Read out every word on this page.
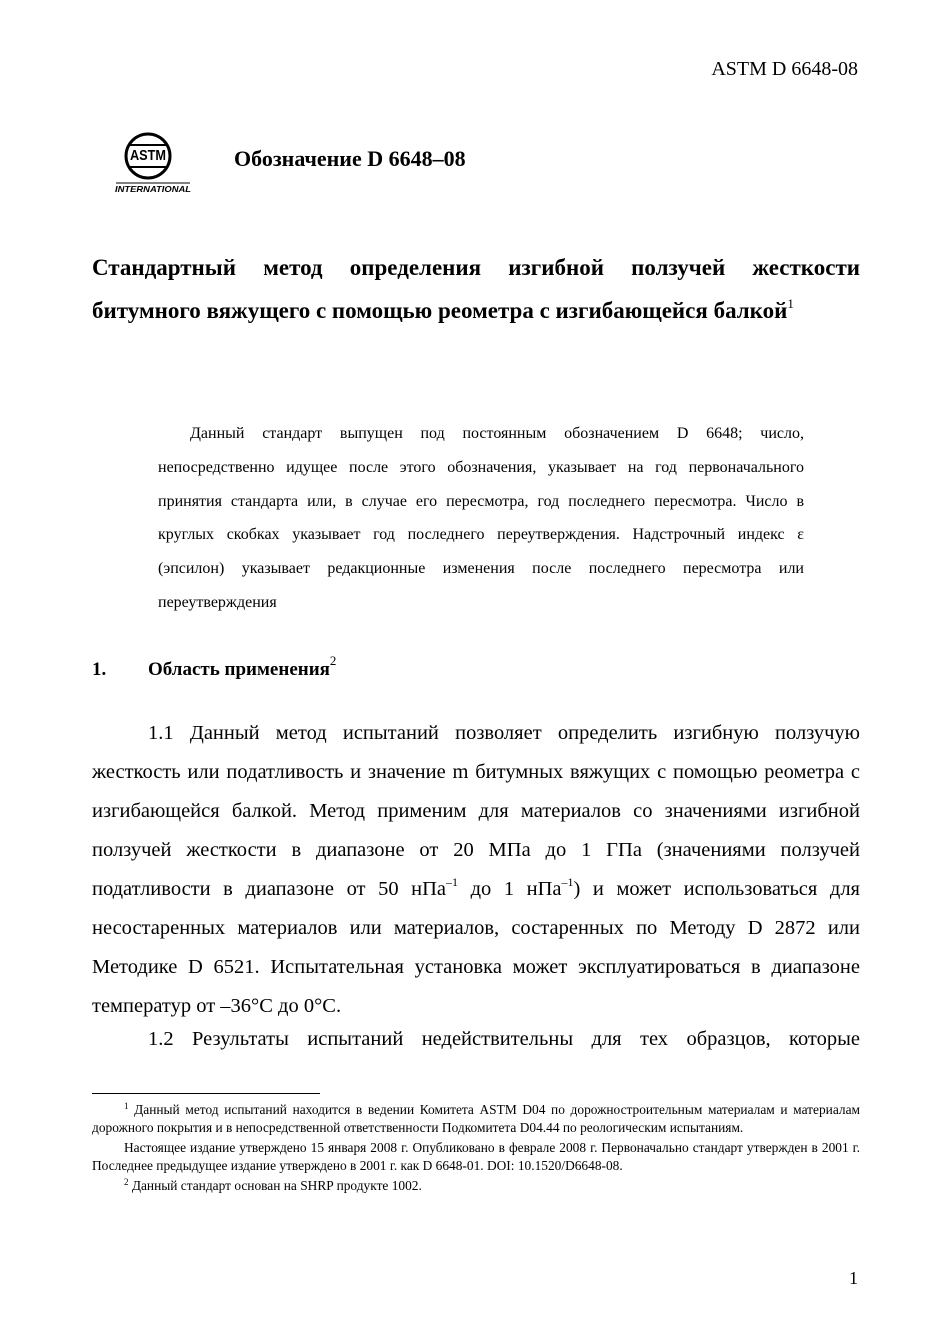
ASTM D 6648-08
ASTM
INTERNATIONAL
Обозначение D 6648–08
Стандартный метод определения изгибной ползучей жесткости битумного вяжущего с помощью реометра с изгибающейся балкой$^1$

Данный стандарт выпущен под постоянным обозначением D 6648; число, непосредственно идущее после этого обозначения, указывает на год первоначального принятия стандарта или, в случае его пересмотра, год последнего пересмотра. Число в круглых скобках указывает год последнего переутверждения. Надстрочный индекс ε (эпсилон) указывает редакционные изменения после последнего пересмотра или переутверждения

1. Область применения$^2$

1.1 Данный метод испытаний позволяет определить изгибную ползучую жесткость или податливость и значение m битумных вяжущих с помощью реометра с изгибающейся балкой. Метод применим для материалов со значениями изгибной ползучей жесткости в диапазоне от 20 МПа до 1 ГПа (значениями ползучей податливости в диапазоне от 50 нПа$^{-1}$ до 1 нПа$^{-1}$) и может использоваться для несостаренных материалов или материалов, состаренных по Методу D 2872 или Методике D 6521. Испытательная установка может эксплуатироваться в диапазоне температур от –36°C до 0°C.

1.2 Результаты испытаний недействительны для тех образцов, которые

$^1$ Данный метод испытаний находится в ведении Комитета ASTM D04 по дорожностроительным материалам и материалам дорожного покрытия и в непосредственной ответственности Подкомитета D04.44 по реологическим испытаниям.

Настоящее издание утверждено 15 января 2008 г. Опубликовано в феврале 2008 г. Первоначально стандарт утвержден в 2001 г. Последнее предыдущее издание утверждено в 2001 г. как D 6648-01. DOI: 10.1520/D6648-08.

$^2$ Данный стандарт основан на SHRP продукте 1002.

1
